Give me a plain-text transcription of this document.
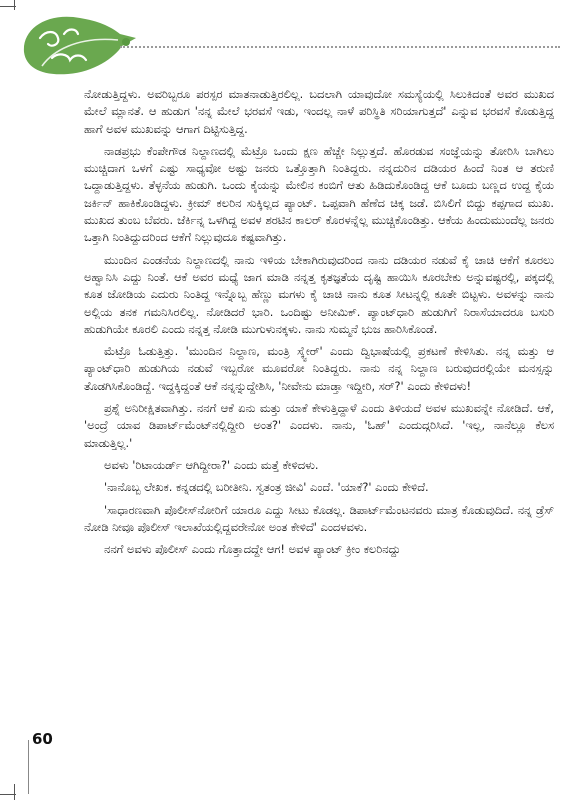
ನೋಡುತ್ತಿದ್ದಳು. ಅವರಿಬ್ಬರೂ ಪರಸ್ಪರ ಮಾತನಾಡುತ್ತಿರಲಿಲ್ಲ. ಬದಲಾಗಿ ಯಾವುದೋ ಸಮಸ್ಯೆಯಲ್ಲಿ ಸಿಲುಕಿದಂತೆ ಅವರ ಮುಖದ ಮೇಲೆ ಮ್ಲಾನತೆ. ಆ ಹುಡುಗ 'ನನ್ನ ಮೇಲೆ ಭರವಸೆ ಇಡು, ಇಂದಲ್ಲ ನಾಳೆ ಪರಿಸ್ಥಿತಿ ಸರಿಯಾಗುತ್ತದೆ' ಎನ್ನುವ ಭರವಸೆ ಕೊಡುತ್ತಿದ್ದ ಹಾಗೆ ಅವಳ ಮುಖವನ್ನು ಆಗಾಗ ದಿಟ್ಟಿಸುತ್ತಿದ್ದ.

ನಾಡಪ್ರಭು ಕೆಂಪೇಗೌಡ ನಿಲ್ದಾಣದಲ್ಲಿ ಮೆಟ್ರೊ ಒಂದು ಕ್ಷಣ ಹೆಚ್ಚೇ ನಿಲ್ಲುತ್ತದೆ. ಹೊರಡುವ ಸಂಜ್ಞೆಯನ್ನು ತೋರಿಸಿ ಬಾಗಿಲು ಮುಚ್ಚಿದಾಗ ಒಳಗೆ ಎಷ್ಟು ಸಾಧ್ಯವೋ ಅಷ್ಟು ಜನರು ಒತ್ತೊತ್ತಾಗಿ ನಿಂತಿದ್ದರು. ನನ್ನದುರಿನ ದಡಿಯರ ಹಿಂದೆ ನಿಂತ ಆ ತರುಣಿ ಒದ್ದಾಡುತ್ತಿದ್ದಳು. ತೆಳ್ಳನೆಯ ಹುಡುಗಿ. ಒಂದು ಕೈಯನ್ನು ಮೇಲಿನ ಕಂಬಿಗೆ ಆತು ಹಿಡಿದುಕೊಂಡಿದ್ದ ಆಕೆ ಬೂದು ಬಣ್ಣದ ಉದ್ದ ಕೈಯ ಜರ್ಕಿನ್ ಹಾಕಿಕೊಂಡಿದ್ದಳು. ಕ್ರೀಮ್ ಕಲರಿನ ಸುಕ್ಕಿಲ್ಲದ ಪ್ಯಾಂಟ್. ಒಪ್ಪವಾಗಿ ಹೆಣೆದ ಚಿಕ್ಕ ಜಡೆ. ಬಿಸಿಲಿಗೆ ಬಿದ್ದು ಕಪ್ಪಗಾದ ಮುಖ. ಮುಖದ ತುಂಬ ಬೆವರು. ಜೆರ್ಕಿನ್ನ ಒಳಗಿದ್ದ ಅವಳ ಶರಟಿನ ಕಾಲರ್ ಕೊರಳನ್ನೆಲ್ಲ ಮುಚ್ಚಿಕೊಂಡಿತ್ತು. ಆಕೆಯ ಹಿಂದುಮುಂದೆಲ್ಲ ಜನರು ಒತ್ತಾಗಿ ನಿಂತಿದ್ದುದರಿಂದ ಆಕೆಗೆ ನಿಲ್ಲುವುದೂ ಕಷ್ಟವಾಗಿತ್ತು.

ಮುಂದಿನ ಎಂಡನೆಯ ನಿಲ್ದಾಣದಲ್ಲಿ ನಾನು ಇಳಿಯ ಬೇಕಾಗಿರುವುದರಿಂದ ನಾನು ದಡಿಯರ ನಡುವೆ ಕೈ ಚಾಚಿ ಆಕೆಗೆ ಕೂರಲು ಅಹ್ವಾನಿಸಿ ಎದ್ದು ನಿಂತೆ. ಆಕೆ ಅವರ ಮಧ್ಯೆ ಜಾಗ ಮಾಡಿ ನನ್ನತ್ತ ಕೃತಜ್ಞತೆಯ ದೃಷ್ಟಿ ಹಾಯಿಸಿ ಕೂರಬೇಕು ಅನ್ನುವಷ್ಟರಲ್ಲಿ, ಪಕ್ಕದಲ್ಲಿ ಕೂತ ಜೋಡಿಯ ಎದುರು ನಿಂತಿದ್ದ ಇನ್ನೊಬ್ಬ ಹೆಣ್ಣು ಮಗಳು ಕೈ ಚಾಚಿ ನಾನು ಕೂತ ಸೀಟನ್ನಲ್ಲಿ ಕೂತೇ ಬಿಟ್ಟಳು. ಅವಳನ್ನು ನಾನು ಅಲ್ಲಿಯ ತನಕ ಗಮನಿಸಿರಲಿಲ್ಲ. ನೋಡಿದರೆ ಭಾರಿ. ಒಂದಿಷ್ಟು ಅನೀಮಿಕ್. ಪ್ಯಾಂಟ್‌ಧಾರಿ ಹುಡುಗಿಗೆ ನಿರಾಸೆಯಾದರೂ ಬಸುರಿ ಹುಡುಗಿಯೇ ಕೂರಲಿ ಎಂದು ನನ್ನತ್ತ ನೋಡಿ ಮುಗುಳುನಕ್ಕಳು. ನಾನು ಸುಮ್ಮನೆ ಭುಜ ಹಾರಿಸಿಕೊಂಡೆ.

ಮೆಟ್ರೊ ಓಡುತ್ತಿತ್ತು. 'ಮುಂದಿನ ನಿಲ್ದಾಣ, ಮಂತ್ರಿ ಸ್ಕ್ವೇರ್' ಎಂದು ದ್ವಿಭಾಷೆಯಲ್ಲಿ ಪ್ರಕಟಣೆ ಕೇಳಿಸಿತು. ನನ್ನ ಮತ್ತು ಆ ಪ್ಯಾಂಟ್‌ಧಾರಿ ಹುಡುಗಿಯ ನಡುವೆ ಇಬ್ಬರೋ ಮೂವರೋ ನಿಂತಿದ್ದರು. ನಾನು ನನ್ನ ನಿಲ್ದಾಣ ಬರುವುದರಲ್ಲಿಯೇ ಮನಸ್ಸನ್ನು ತೊಡಗಿಸಿಕೊಂಡಿದ್ದೆ. ಇದ್ದಕ್ಕಿದ್ದಂತೆ ಆಕೆ ನನ್ನನ್ನುದ್ದೇಶಿಸಿ, 'ನೀವೇನು ಮಾಡ್ತಾ ಇದ್ದೀರಿ, ಸರ್?' ಎಂದು ಕೇಳಿದಳು!

ಪ್ರಶ್ನೆ ಅನಿರೀಕ್ಷಿತವಾಗಿತ್ತು. ನನಗೆ ಆಕೆ ಏನು ಮತ್ತು ಯಾಕೆ ಕೇಳುತ್ತಿದ್ದಾಳೆ ಎಂದು ತಿಳಿಯದೆ ಅವಳ ಮುಖವನ್ನೇ ನೋಡಿದೆ. ಆಕೆ, 'ಅಂದ್ರೆ ಯಾವ ಡಿಪಾರ್ಟ್‌ಮೆಂಟ್‌ನಲ್ಲಿದ್ದೀರಿ ಅಂತ?' ಎಂದಳು. ನಾನು, 'ಓಹ್' ಎಂದುದ್ಗರಿಸಿದೆ. 'ಇಲ್ಲ, ನಾನೆಲ್ಲೂ ಕೆಲಸ ಮಾಡುತ್ತಿಲ್ಲ.'

ಅವಳು 'ರಿಟಾಯರ್ಡ್ ಆಗಿದ್ದೀರಾ?' ಎಂದು ಮತ್ತೆ ಕೇಳಿದಳು.

'ನಾನೊಬ್ಬ ಲೇಖಕ. ಕನ್ನಡದಲ್ಲಿ ಬರೀತೀನಿ. ಸ್ವತಂತ್ರ ಜೀವಿ' ಎಂದೆ. 'ಯಾಕೆ?' ಎಂದು ಕೇಳಿದೆ.

'ಸಾಧಾರಣವಾಗಿ ಪೊಲೀಸ್‌ನೋರಿಗೆ ಯಾರೂ ಎದ್ದು ಸೀಟು ಕೊಡಲ್ಲ. ಡಿಪಾರ್ಟ್‌ಮೆಂಟನವರು ಮಾತ್ರ ಕೊಡುವುದಿದೆ. ನನ್ನ ಡ್ರೆಸ್ ನೋಡಿ ನೀವೂ ಪೊಲೀಸ್ ಇಲಾಖೆಯಲ್ಲಿದ್ದವರೇನೋ ಅಂತ ಕೇಳಿದೆ' ಎಂದಳವಳು.

ನನಗೆ ಅವಳು ಪೊಲೀಸ್ ಎಂದು ಗೊತ್ತಾದದ್ದೇ ಆಗ! ಅವಳ ಪ್ಯಾಂಟ್ ಕ್ರೀಂ ಕಲರಿನದ್ದು

60
